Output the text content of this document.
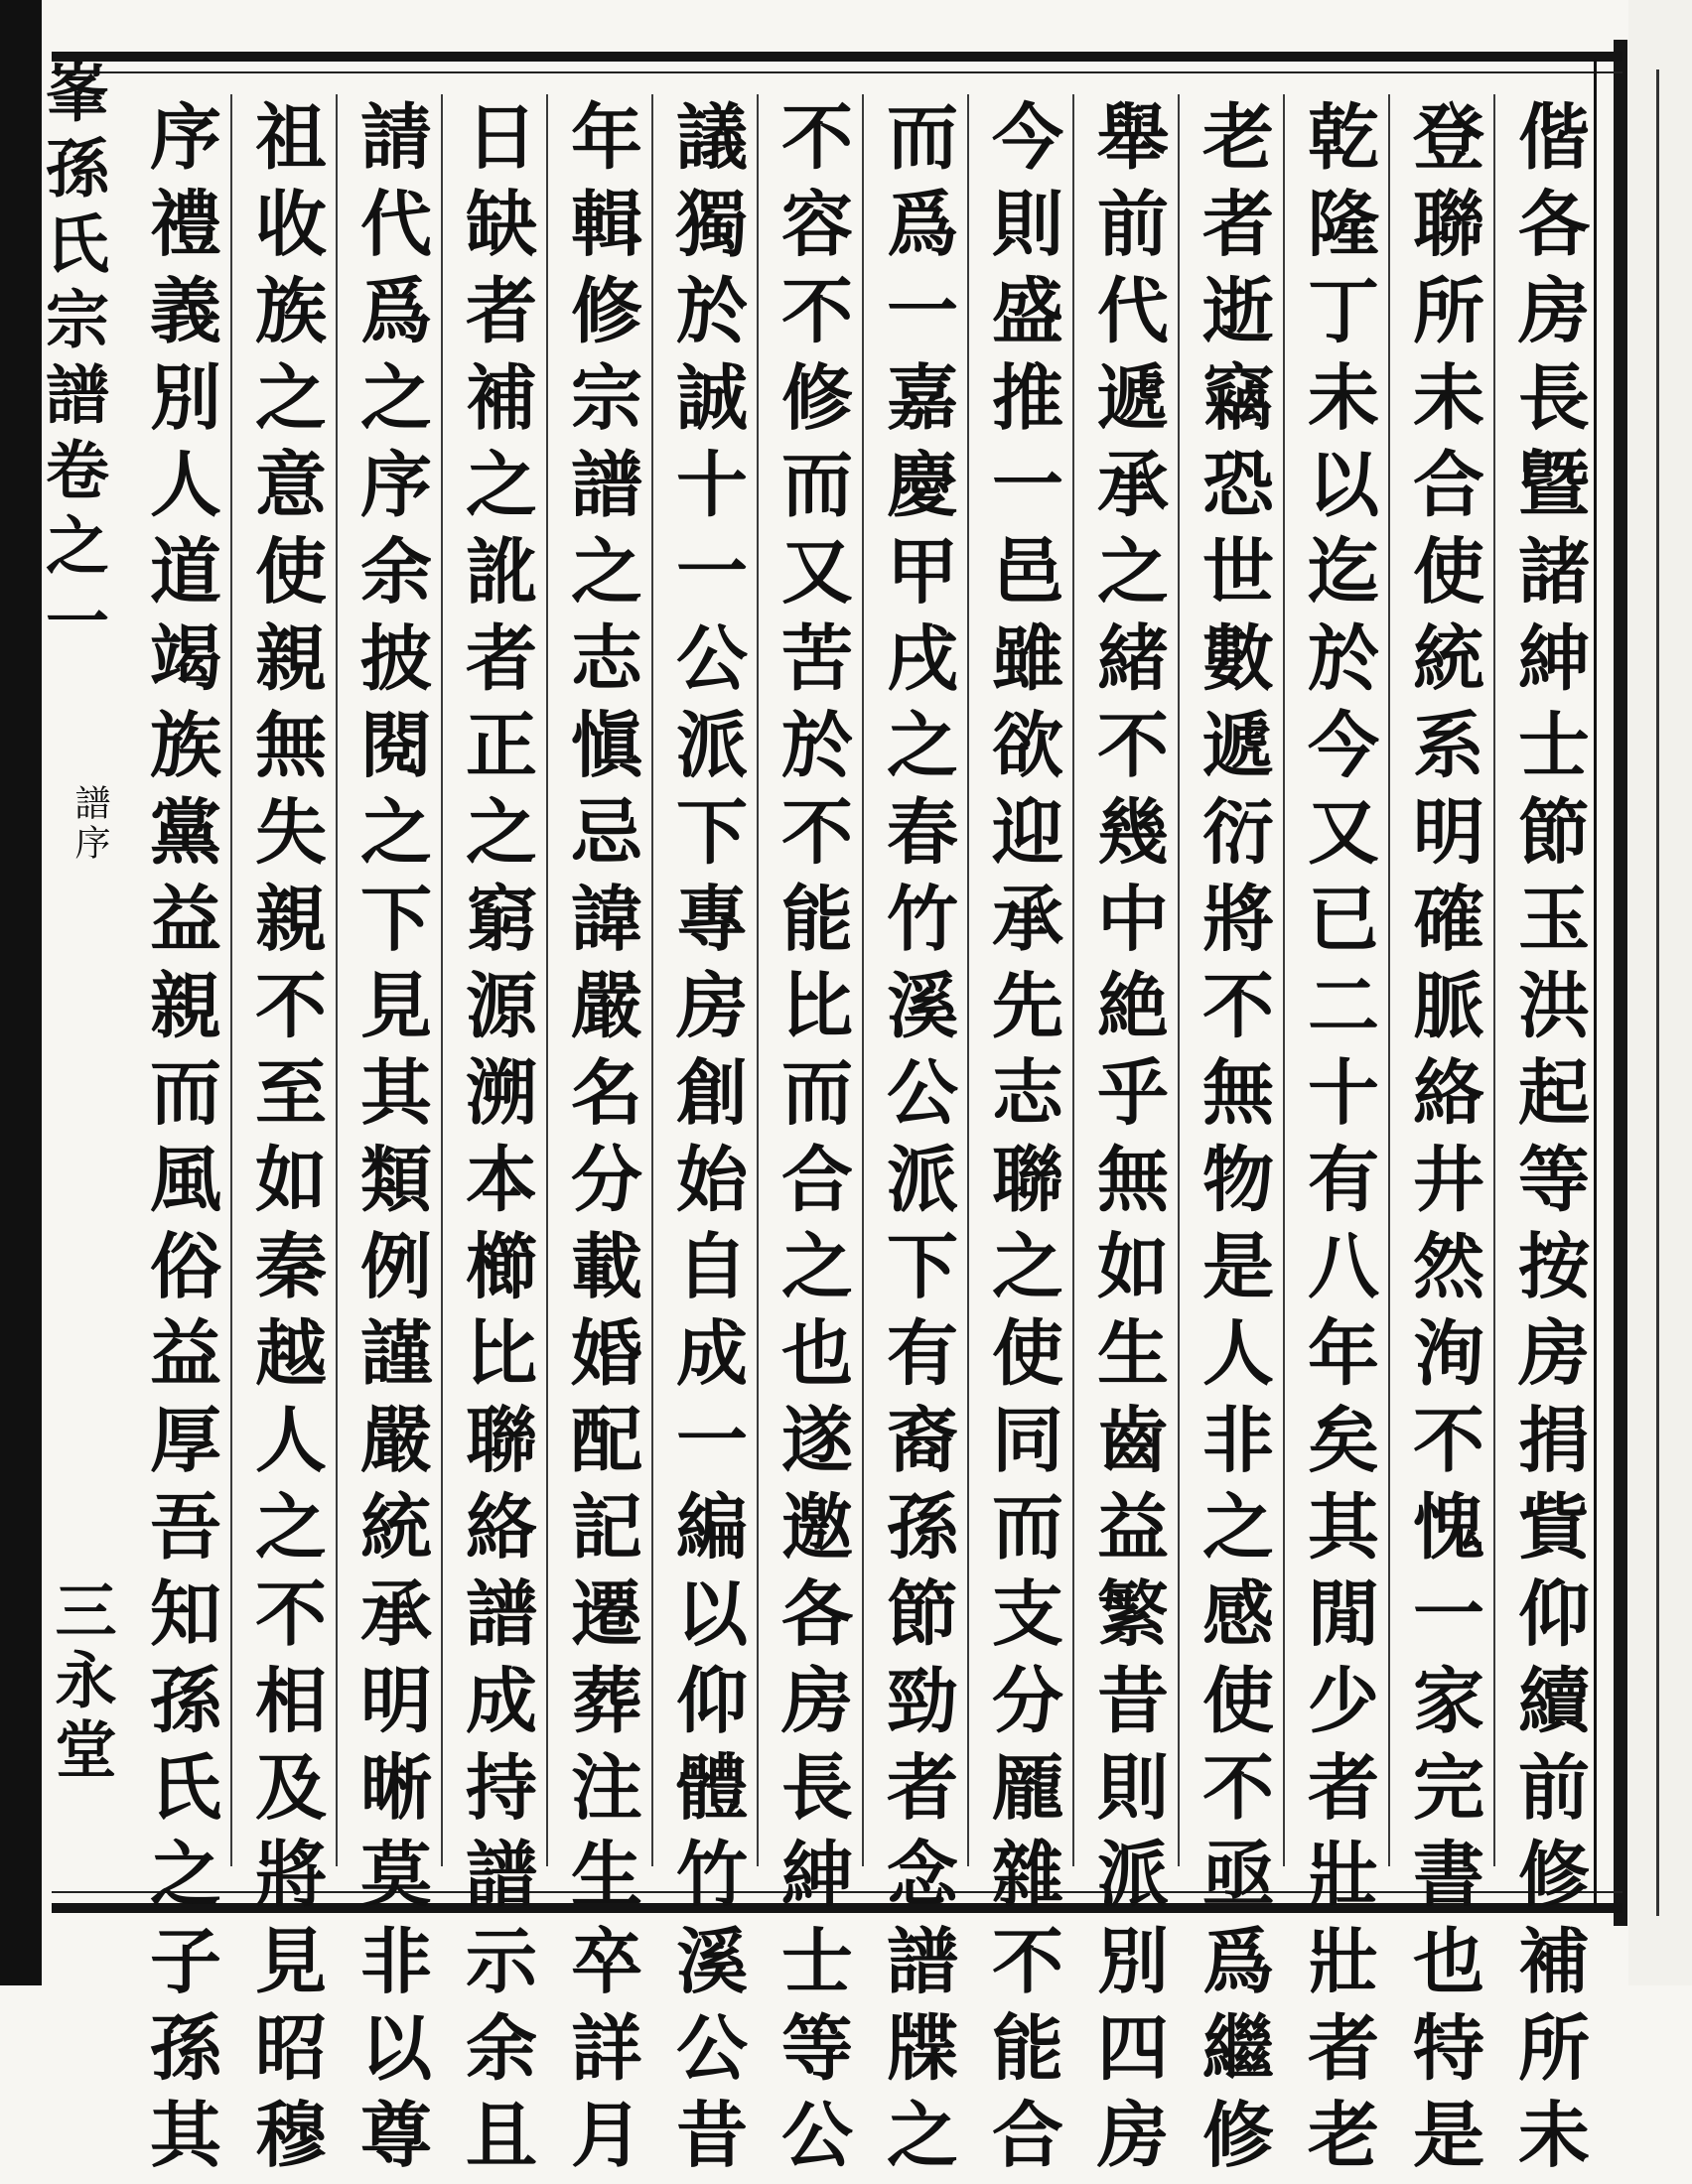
峯孫氏宗譜卷之一
譜序
三永堂	偕各房長曁諸紳士節玉洪起等按房捐貲仰續前修補所未
登聯所未合使統系明確脈絡井然洵不愧一家完書也特是
乾隆丁未以迄於今又已二十有八年矣其閒少者壯壯者老
老者逝竊恐世數遞衍將不無物是人非之感使不亟爲繼修
舉前代遞承之緒不幾中絶乎無如生齒益繁昔則派別四房
今則盛推一邑雖欲迎承先志聯之使同而支分龎雜不能合
而爲一嘉慶甲戌之春竹溪公派下有裔孫節勁者念譜牒之
不容不修而又苦於不能比而合之也遂邀各房長紳士等公
議獨於誠十一公派下專房創始自成一編以仰體竹溪公昔
年輯修宗譜之志愼忌諱嚴名分載婚配記遷葬注生卒詳月
日缺者補之訛者正之窮源溯本櫛比聯絡譜成持譜示余且
請代爲之序余披閱之下見其類例謹嚴統承明晰莫非以尊
祖收族之意使親無失親不至如秦越人之不相及將見昭穆
序禮義別人道竭族黨益親而風俗益厚吾知孫氏之子孫其
